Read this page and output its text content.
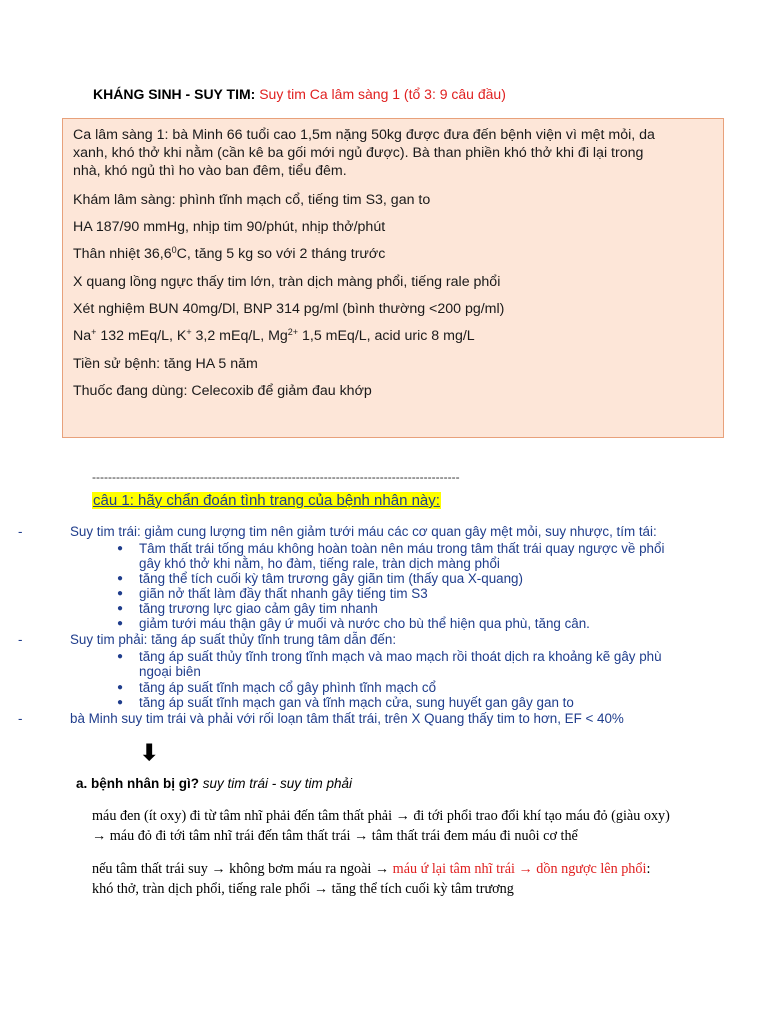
KHÁNG SINH - SUY TIM: Suy tim Ca lâm sàng 1 (tổ 3: 9 câu đầu)
Ca lâm sàng 1: bà Minh 66 tuổi cao 1,5m nặng 50kg được đưa đến bệnh viện vì mệt mỏi, da
xanh, khó thở khi nằm (cần kê ba gối mới ngủ được). Bà than phiền khó thở khi đi lại trong
nhà, khó ngủ thì ho vào ban đêm, tiểu đêm.
Khám lâm sàng: phình tĩnh mạch cổ, tiếng tim S3, gan to
HA 187/90 mmHg, nhịp tim 90/phút, nhịp thở/phút
Thân nhiệt 36,6$^0$C, tăng 5 kg so với 2 tháng trước
X quang lồng ngực thấy tim lớn, tràn dịch màng phổi, tiếng rale phổi
Xét nghiệm BUN 40mg/Dl, BNP 314 pg/ml (bình thường <200 pg/ml)
Na+ 132 mEq/L, K+ 3,2 mEq/L, $Mg^{2+}$ 1,5 mEq/L, acid uric 8 mg/L
Tiền sử bệnh: tăng HA 5 năm
Thuốc đang dùng: Celecoxib để giảm đau khớp
--------------------------------------------------------------------------------------------
câu 1: hãy chẩn đoán tình trang của bệnh nhân này:
-	Suy tim trái: giảm cung lượng tim nên giảm tưới máu các cơ quan gây mệt mỏi, suy nhược, tím tái:
● Tâm thất trái tống máu không hoàn toàn nên máu trong tâm thất trái quay ngược về phổi
gây khó thở khi nằm, ho đàm, tiếng rale, tràn dịch màng phổi
● tăng thể tích cuối kỳ tâm trương gây giãn tim (thấy qua X-quang)
● giãn nở thất làm đầy thất nhanh gây tiếng tim S3
● tăng trương lực giao cảm gây tim nhanh
● giảm tưới máu thận gây ứ muối và nước cho bù thể hiện qua phù, tăng cân.
-	Suy tim phải: tăng áp suất thủy tĩnh trung tâm dẫn đến:
● tăng áp suất thủy tĩnh trong tĩnh mạch và mao mạch rồi thoát dịch ra khoảng kẽ gây phù
ngoại biên
● tăng áp suất tĩnh mạch cổ gây phình tĩnh mạch cổ
● tăng áp suất tĩnh mạch gan và tĩnh mạch cửa, sung huyết gan gây gan to
-	bà Minh suy tim trái và phải với rối loạn tâm thất trái, trên X Quang thấy tim to hơn, EF < 40%
⬇
a. bệnh nhân bị gì? suy tim trái - suy tim phải
máu đen (ít oxy) đi từ tâm nhĩ phải đến tâm thất phải → đi tới phổi trao đổi khí tạo máu đỏ (giàu oxy)
→ máu đỏ đi tới tâm nhĩ trái đến tâm thất trái → tâm thất trái đem máu đi nuôi cơ thể
nếu tâm thất trái suy → không bơm máu ra ngoài → máu ứ lại tâm nhĩ trái → dồn ngược lên phổi:
khó thở, tràn dịch phổi, tiếng rale phổi → tăng thể tích cuối kỳ tâm trương
